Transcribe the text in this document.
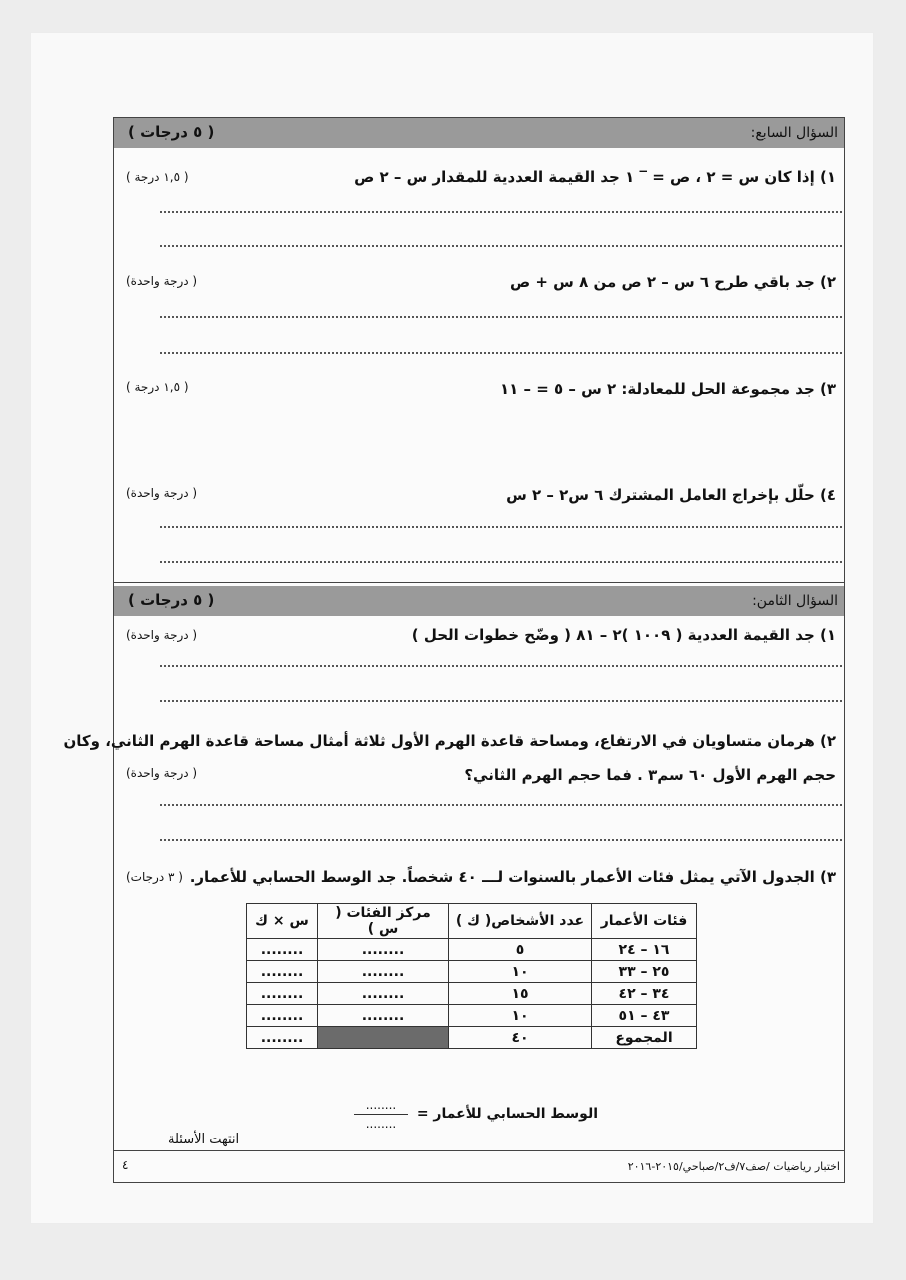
السؤال السابع:
( ٥ درجات )
١) إذا كان س = ٢ ، ص = ‾ ١ جد القيمة العددية للمقدار س – ٢ ص
( ١,٥ درجة )
٢) جد باقي طرح ٦ س – ٢ ص من ٨ س + ص
( درجة واحدة)
٣) جد مجموعة الحل للمعادلة: ٢ س – ٥ = – ١١
( ١,٥ درجة )
٤) حلّل بإخراج العامل المشترك ٦ س٢ – ٢ س
( درجة واحدة)
السؤال الثامن:
( ٥ درجات )
١) جد القيمة العددية ( ١٠٠٩ )٢ – ٨١ ( وضّح خطوات الحل )
( درجة واحدة)
٢) هرمان متساويان في الارتفاع، ومساحة قاعدة الهرم الأول ثلاثة أمثال مساحة قاعدة الهرم الثاني، وكان
حجم الهرم الأول ٦٠ سم٣ . فما حجم الهرم الثاني؟
( درجة واحدة)
٣) الجدول الآتي يمثل فئات الأعمار بالسنوات لـــ ٤٠ شخصاً. جد الوسط الحسابي للأعمار.
( ٣ درجات)
فئات الأعمار	عدد الأشخاص( ك )	مركز الفئات ( س )	س × ك
١٦ – ٢٤	٥	........	........
٢٥ – ٣٣	١٠	........	........
٣٤ – ٤٢	١٥	........	........
٤٣ – ٥١	١٠	........	........
المجموع	٤٠		........
الوسط الحسابي للأعمار =
........
........
انتهت الأسئلة
اختبار رياضيات /صف٧/ف٢/صباحي/٢٠١٥-٢٠١٦
٤
